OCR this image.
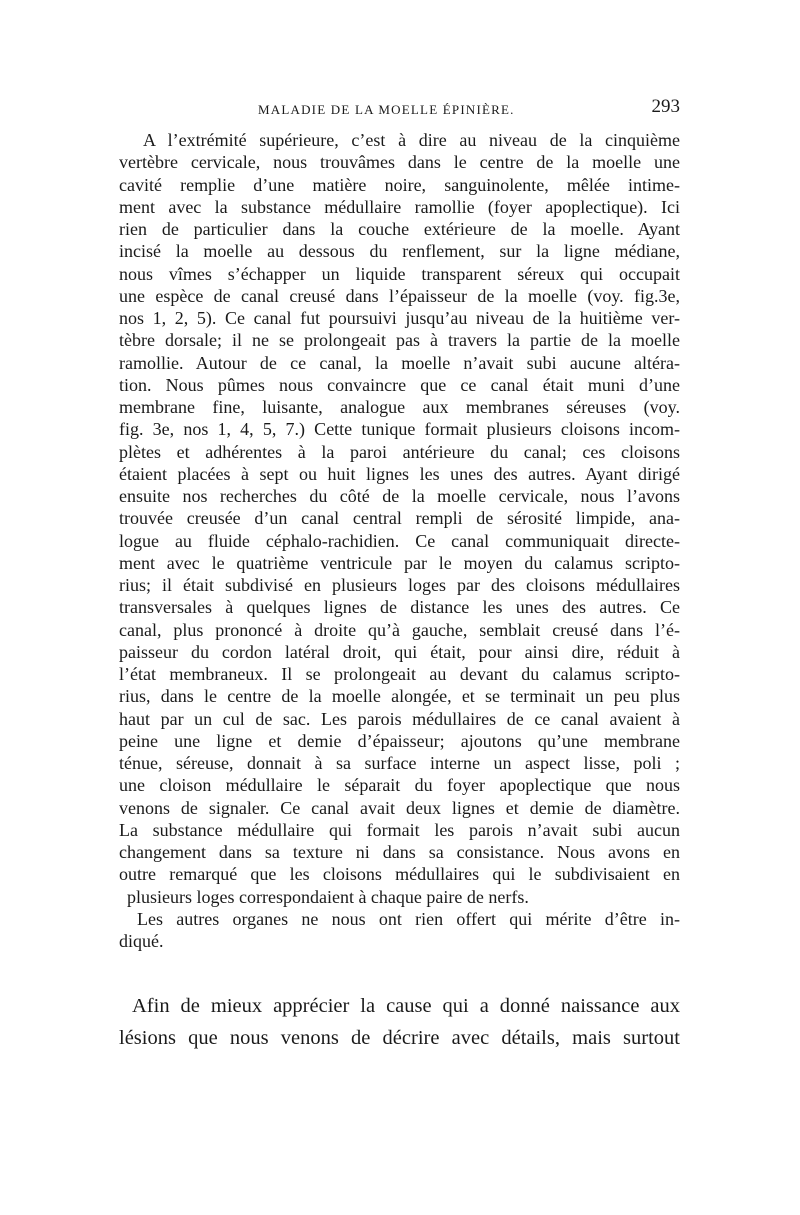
MALADIE DE LA MOELLE ÉPINIÈRE.	293
A l’extrémité supérieure, c’est à dire au niveau de la cinquième
vertèbre cervicale, nous trouvâmes dans le centre de la moelle une
cavité remplie d’une matière noire, sanguinolente, mêlée intime-
ment avec la substance médullaire ramollie (foyer apoplectique). Ici
rien de particulier dans la couche extérieure de la moelle. Ayant
incisé la moelle au dessous du renflement, sur la ligne médiane,
nous vîmes s’échapper un liquide transparent séreux qui occupait
une espèce de canal creusé dans l’épaisseur de la moelle (voy. fig.3e,
nos 1, 2, 5). Ce canal fut poursuivi jusqu’au niveau de la huitième ver-
tèbre dorsale; il ne se prolongeait pas à travers la partie de la moelle
ramollie. Autour de ce canal, la moelle n’avait subi aucune altéra-
tion. Nous pûmes nous convaincre que ce canal était muni d’une
membrane fine, luisante, analogue aux membranes séreuses (voy.
fig. 3e, nos 1, 4, 5, 7.) Cette tunique formait plusieurs cloisons incom-
plètes et adhérentes à la paroi antérieure du canal; ces cloisons
étaient placées à sept ou huit lignes les unes des autres. Ayant dirigé
ensuite nos recherches du côté de la moelle cervicale, nous l’avons
trouvée creusée d’un canal central rempli de sérosité limpide, ana-
logue au fluide céphalo-rachidien. Ce canal communiquait directe-
ment avec le quatrième ventricule par le moyen du calamus scripto-
rius; il était subdivisé en plusieurs loges par des cloisons médullaires
transversales à quelques lignes de distance les unes des autres. Ce
canal, plus prononcé à droite qu’à gauche, semblait creusé dans l’é-
paisseur du cordon latéral droit, qui était, pour ainsi dire, réduit à
l’état membraneux. Il se prolongeait au devant du calamus scripto-
rius, dans le centre de la moelle alongée, et se terminait un peu plus
haut par un cul de sac. Les parois médullaires de ce canal avaient à
peine une ligne et demie d’épaisseur; ajoutons qu’une membrane
ténue, séreuse, donnait à sa surface interne un aspect lisse, poli ;
une cloison médullaire le séparait du foyer apoplectique que nous
venons de signaler. Ce canal avait deux lignes et demie de diamètre.
La substance médullaire qui formait les parois n’avait subi aucun
changement dans sa texture ni dans sa consistance. Nous avons en
outre remarqué que les cloisons médullaires qui le subdivisaient en
plusieurs loges correspondaient à chaque paire de nerfs.
Les autres organes ne nous ont rien offert qui mérite d’être in-
diqué.
Afin de mieux apprécier la cause qui a donné naissance aux
lésions que nous venons de décrire avec détails, mais surtout
